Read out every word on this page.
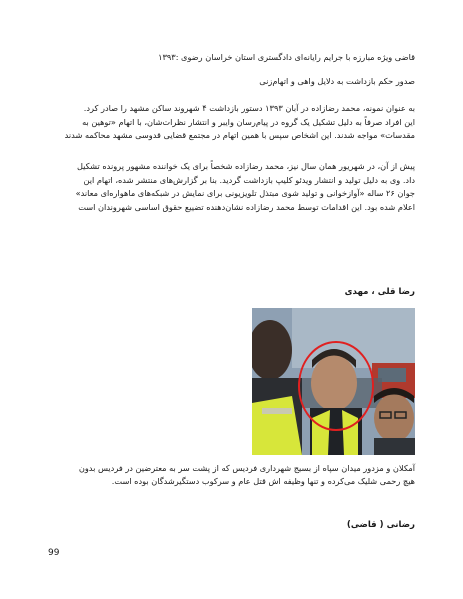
قاضی ویژه مبارزه با جرایم رایانه‌ای دادگستری استان خراسان رضوی :۱۳۹۳
صدور حکم بازداشت به دلایل واهی و اتهام‌زنی
به عنوان نمونه، محمد رضازاده در آبان ۱۳۹۳ دستور بازداشت ۴ شهروند ساکن مشهد را صادر کرد.
این افراد صرفاً به دلیل تشکیل یک گروه در پیام‌رسان وایبر و انتشار نظرات‌شان، با اتهام «توهین به
مقدسات» مواجه شدند. این اشخاص سپس با همین اتهام در مجتمع قضایی قدوسی مشهد محاکمه شدند
پیش از آن، در شهریور همان سال نیز، محمد رضازاده شخصاً برای یک خواننده مشهور پرونده تشکیل
داد. وی به دلیل تولید و انتشار ویدئو کلیپ بازداشت گردید. بنا بر گزارش‌های منتشر شده، اتهام این
جوان ۲۶ ساله «آوازخوانی و تولید شوی مبتذل تلویزیونی برای نمایش در شبکه‌های ماهواره‌ای معاند»
اعلام شده بود. این اقدامات توسط محمد رضازاده نشان‌دهنده تضییع حقوق اساسی شهروندان است
رضا قلی ، مهدی
آمکلان و مزدور میدان سپاه از بسیج شهرداری فردیس که از پشت سر به معترضین در فردیس بدون
هیچ رحمی شلیک می‌کرده و تنها وظیفه اش قتل عام و سرکوب دستگیرشدگان بوده است.
رضانی ( قاضی)
99
